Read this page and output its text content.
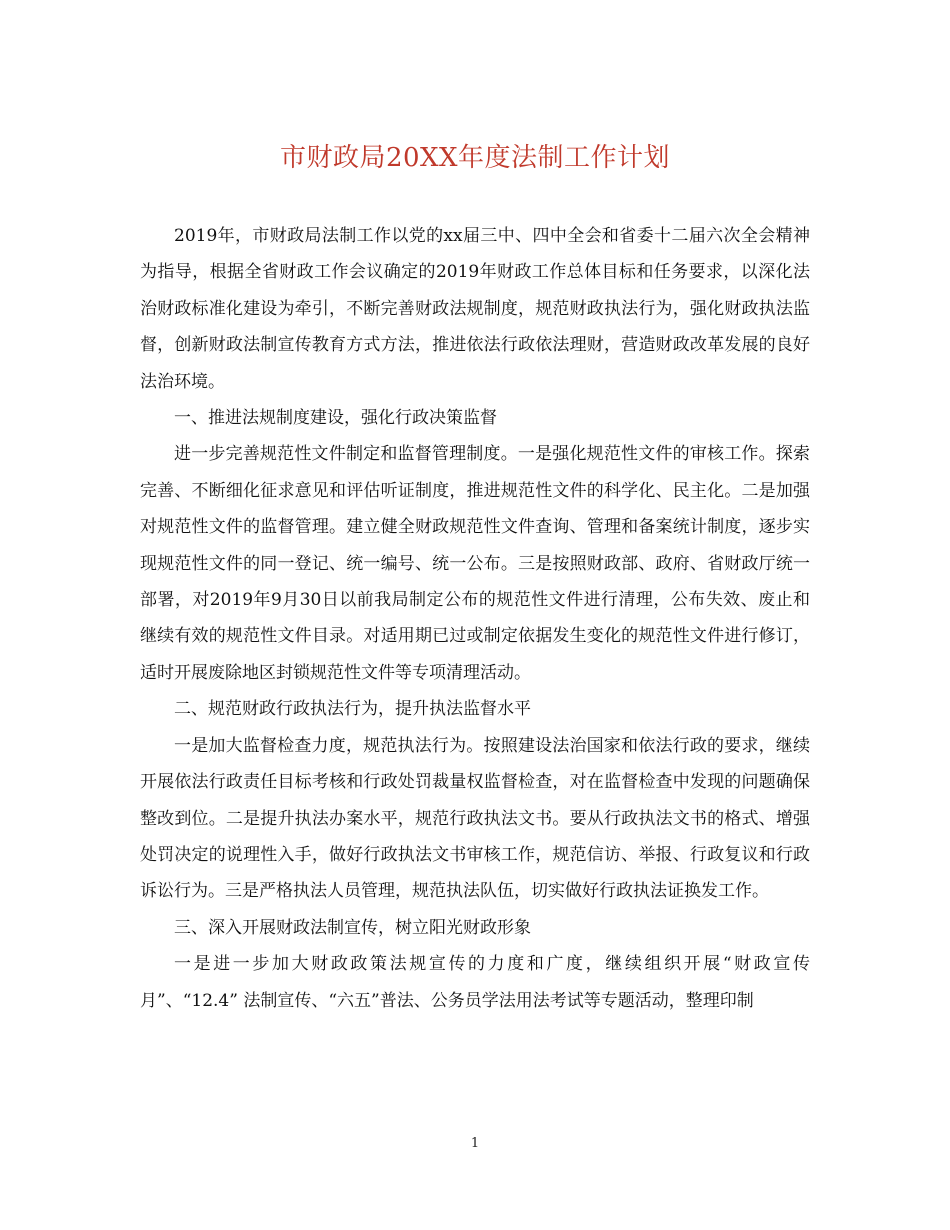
市财政局20XX年度法制工作计划

2019年，市财政局法制工作以党的xx届三中、四中全会和省委十二届六次全会精神为指导，根据全省财政工作会议确定的2019年财政工作总体目标和任务要求，以深化法治财政标准化建设为牵引，不断完善财政法规制度，规范财政执法行为，强化财政执法监督，创新财政法制宣传教育方式方法，推进依法行政依法理财，营造财政改革发展的良好法治环境。

一、推进法规制度建设，强化行政决策监督

进一步完善规范性文件制定和监督管理制度。一是强化规范性文件的审核工作。探索完善、不断细化征求意见和评估听证制度，推进规范性文件的科学化、民主化。二是加强对规范性文件的监督管理。建立健全财政规范性文件查询、管理和备案统计制度，逐步实现规范性文件的同一登记、统一编号、统一公布。三是按照财政部、政府、省财政厅统一部署，对2019年9月30日以前我局制定公布的规范性文件进行清理，公布失效、废止和继续有效的规范性文件目录。对适用期已过或制定依据发生变化的规范性文件进行修订，适时开展废除地区封锁规范性文件等专项清理活动。

二、规范财政行政执法行为，提升执法监督水平

一是加大监督检查力度，规范执法行为。按照建设法治国家和依法行政的要求，继续开展依法行政责任目标考核和行政处罚裁量权监督检查，对在监督检查中发现的问题确保整改到位。二是提升执法办案水平，规范行政执法文书。要从行政执法文书的格式、增强处罚决定的说理性入手，做好行政执法文书审核工作，规范信访、举报、行政复议和行政诉讼行为。三是严格执法人员管理，规范执法队伍，切实做好行政执法证换发工作。

三、深入开展财政法制宣传，树立阳光财政形象

一是进一步加大财政政策法规宣传的力度和广度，继续组织开展“财政宣传月”、“12.4” 法制宣传、“六五”普法、公务员学法用法考试等专题活动，整理印制

1
